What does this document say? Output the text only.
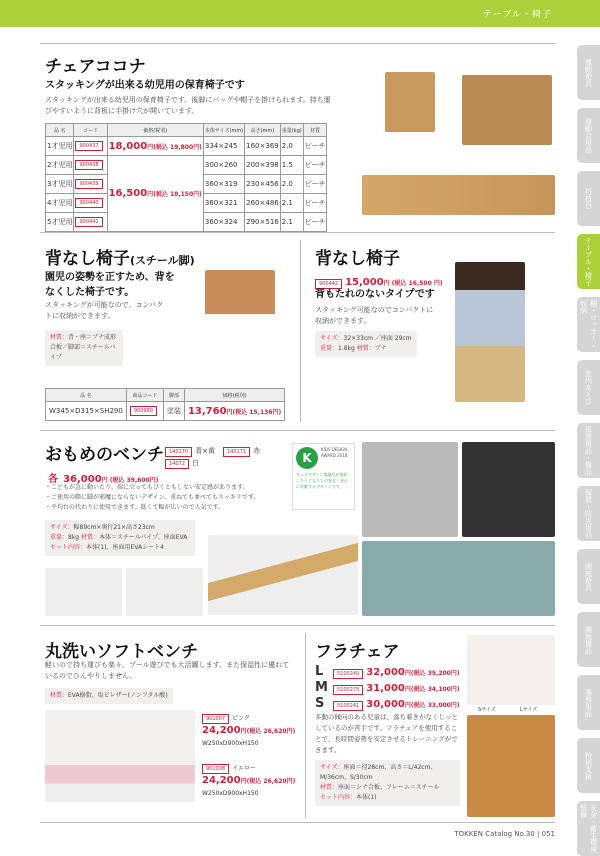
テーブル・椅子
運動遊具
運動会用品
巧技台
テーブル・椅子
棚・ロッカー・収納
室内あそび
保育用品・備品
保健・防災用品
園庭遊具
園庭備品
事務用品
特別支援
安全・衛生環境整備
チェアココナ
スタッキングが出来る幼児用の保育椅子です
スタッキングが出来る幼児用の保育椅子です。後脚にバッグや帽子を掛けられます。持ち運びやすいように背板に手掛け穴が開いています。
品 名	コード	価格(税別)	本体サイズ(mm)	高さ(mm)	重量(kg)	材質
1才児用	900437	18,000円(税込 19,800円)	334×245	160×369	2.0	ビーチ
2才児用	900438	16,500円(税込 18,150円)	300×260	200×398	1.5	ビーチ
3才児用	900439		360×319	230×456	2.0	ビーチ
4才児用	900440		360×321	260×486	2.1	ビーチ
5才児用	900441		360×324	290×516	2.1	ビーチ
背なし椅子(スチール脚)
園児の姿勢を正すため、背をなくした椅子です。
スタッキングが可能なので、コンパクトに収納ができます。
材質：背・座＝ブナ成形合板／脚部＝スチールパイプ
品 名	商品コード	脚部	価格(税別)
W345×D315×SH290	900980	塗装	13,760円(税込 15,136円)
背なし椅子
900442 15,000円 (税込 16,500 円)
背もたれのないタイプです
スタッキング可能なのでコンパクトに収納ができます。
サイズ：32×33cm ／座面 29cm
重量：1.8kg 材質：ブナ
おもめのベンチ	140170 青×黄 140171 赤14072 白
各 36,000円 (税込 39,600円)
・こどもが急に動いたり、端に立ってもびくともしない安定感があります。
・ご使用の際に脚が邪魔にならないデザイン。重ねても並べてもスッキリです。
・平均台の代わりに使用できます。低くて幅が広いので人気です。
K
KIDS DESIGN AWARD 2018
キッズデザイン協議会が表彰した子どもたちの安全・安心に貢献するデザインです。
サイズ：幅89cm×奥行21×高さ23cm
重量：8kg 材質：本体＝スチールパイプ、座面EVA
セット内容：本体(1)、座面用EVAシート4
丸洗いソフトベンチ
軽いので持ち運びも楽々、プール遊びでも大活躍します。また保湿性に優れているのでひんやりしません。
材質：EVA樹脂、塩ビレザー(ノンフタル酸)
901007 ピンク
24,200円(税込 26,620円)
W250xD900xH150
901008 イエロー
24,200円(税込 26,620円)
W250xD900xH150
フラチェア
L	5100240 32,000円(税込 35,200円)
M 5100275 31,000円(税込 34,100円)
S	5100241 30,000円(税込 33,000円)
多動の傾向のある児童は、落ち着きがなくじっとしているのが苦手です。フラチェアを使用することで、長時間姿勢を安定させるトレーニングができます。
サイズ：座面＝径28cm、高さ＝L/42cm、M/36cm、S/30cm
材質：座面＝シナ合板、フレーム＝スチール
セット内容：本体(1)
Sサイズ	Lサイズ
TOKKEN Catalog No.30 | 051
